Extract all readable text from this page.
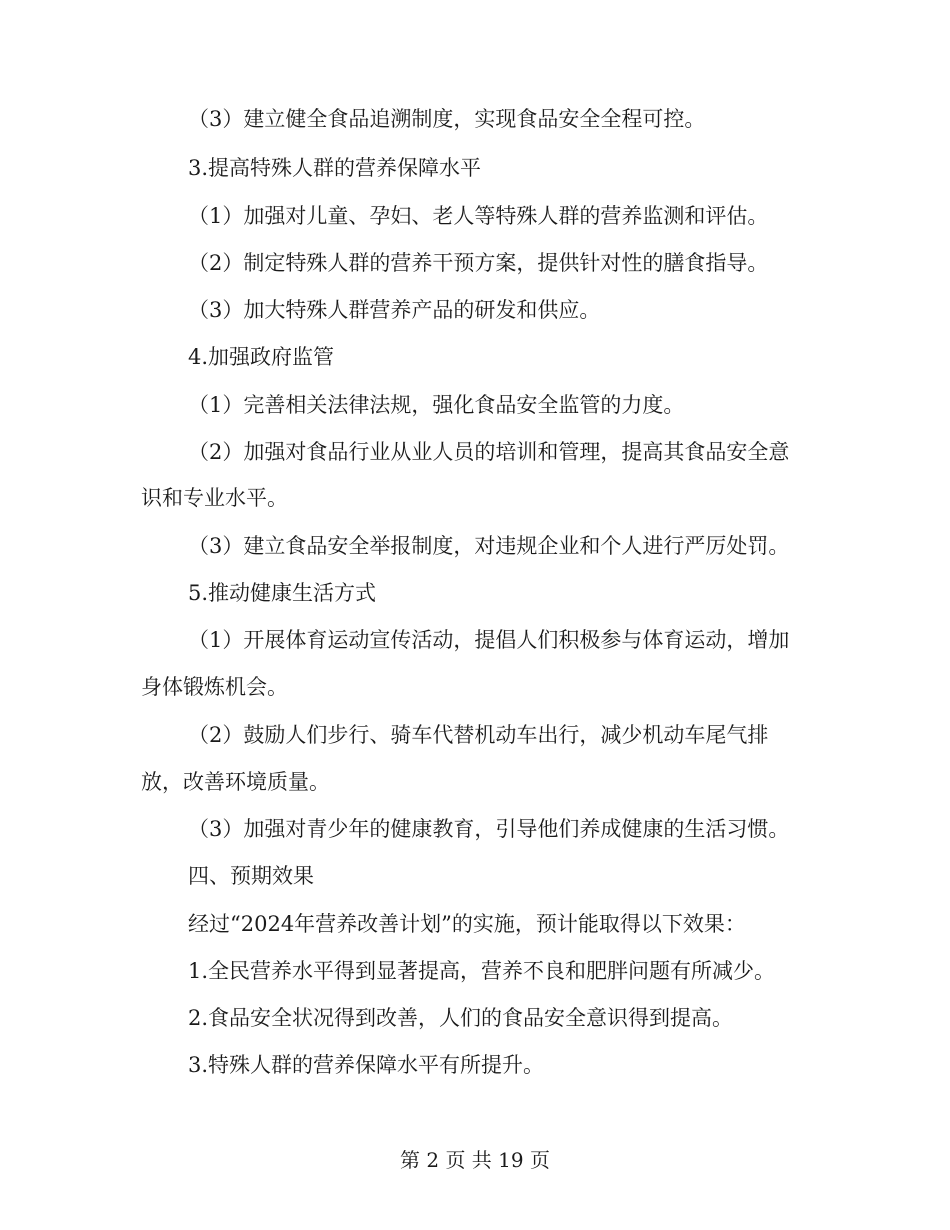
（3）建立健全食品追溯制度，实现食品安全全程可控。
3.提高特殊人群的营养保障水平
（1）加强对儿童、孕妇、老人等特殊人群的营养监测和评估。
（2）制定特殊人群的营养干预方案，提供针对性的膳食指导。
（3）加大特殊人群营养产品的研发和供应。
4.加强政府监管
（1）完善相关法律法规，强化食品安全监管的力度。
（2）加强对食品行业从业人员的培训和管理，提高其食品安全意
识和专业水平。
（3）建立食品安全举报制度，对违规企业和个人进行严厉处罚。
5.推动健康生活方式
（1）开展体育运动宣传活动，提倡人们积极参与体育运动，增加
身体锻炼机会。
（2）鼓励人们步行、骑车代替机动车出行，减少机动车尾气排
放，改善环境质量。
（3）加强对青少年的健康教育，引导他们养成健康的生活习惯。
四、预期效果
经过“2024年营养改善计划”的实施，预计能取得以下效果：
1.全民营养水平得到显著提高，营养不良和肥胖问题有所减少。
2.食品安全状况得到改善，人们的食品安全意识得到提高。
3.特殊人群的营养保障水平有所提升。
第 2 页 共 19 页
